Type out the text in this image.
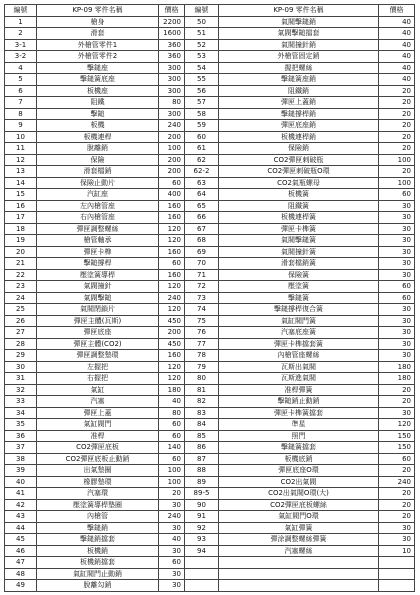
編號	KP-09 零件名稱	價格	編號	KP-09 零件名稱	價格
1	槍身	2200	50	氣閥擊鎚銷	40
2	滑套	1600	51	氣閥擊鎚擋套	40
3-1	外槍管零件1	360	52	氣閥撞針銷	40
3-2	外槍管零件2	360	53	外槍管固定銷	40
4	擊鎚座	300	54	握把螺絲	40
5	擊鎚簧底座	300	55	擊鎚簧座銷	40
6	板機座	300	56	阻鐵銷	20
7	阻鐵	80	57	彈匣上蓋銷	20
8	擊鎚	300	58	擊鎚撐桿銷	20
9	板機	240	59	彈匣底座銷	20
10	板機連桿	200	60	板機連桿銷	20
11	脫離銷	100	61	保險銷	20
12	保險	200	62	CO2彈匣刺破瓶	100
13	滑套檔銷	200	62-2	CO2彈匣刺破瓶O環	20
14	保險止動片	60	63	CO2氣瓶螺母	100
15	汽缸座	400	64	板機簧	60
16	左內槍管座	160	65	阻鐵簧	30
17	右內槍管座	160	66	板機連桿簧	30
18	彈匣調整螺絲	120	67	彈匣卡榫簧	30
19	槍管軸承	120	68	氣閥擊鎚簧	30
20	彈匣卡榫	160	69	氣閥撞針簧	30
21	擊鎚撐桿	60	70	滑套檔銷簧	30
22	壓塗簧導桿	160	71	保險簧	30
23	氣閥撞針	120	72	壓塗簧	60
24	氣閥擊鎚	240	73	擊鎚簧	60
25	氣閥閉鎖片	120	74	擊鎚撐桿復合簧	30
26	彈匣主體(瓦斯)	450	75	氣缸閥門簧	30
27	彈匣底座	200	76	汽塞底座簧	30
28	彈匣主體(CO2)	450	77	彈匣卡榫擋套簧	30
29	彈匣調整墊環	160	78	內槍管座螺絲	30
30	左握把	120	79	瓦斯出氣閥	180
31	右握把	120	80	瓦斯進氣閥	180
32	氣缸	180	81	准桿彈簧	20
33	汽塞	40	82	擊鎚銷止動銷	20
34	彈匣上蓋	80	83	彈匣卡榫簧擋套	30
35	氣缸閥門	60	84	準星	120
36	准桿	60	85	照門	150
37	CO2彈匣底板	140	86	擊鎚簧擋套	150
38	CO2彈匣底板止動銷	60	87	板機底銷	60
39	出氣墊圈	100	88	彈匣底座O環	20
40	橡膠墊環	100	89	CO2出氣閥	240
41	汽塞環	20	89-5	CO2出氣閥O環(大)	20
42	壓塗簧導桿墊圈	30	90	CO2彈匣底板螺絲	20
43	內槍管	240	91	氣缸閥門O環	20
44	擊鎚銷	30	92	氣缸彈簧	30
45	擊鎚銷擋套	40	93	彈涂調整螺絲彈簧	30
46	板機銷	30	94	汽塞螺絲	10
47	板機銷擋套	60			
48	氣缸閥門止動銷	30			
49	脫離勾銷	30			
